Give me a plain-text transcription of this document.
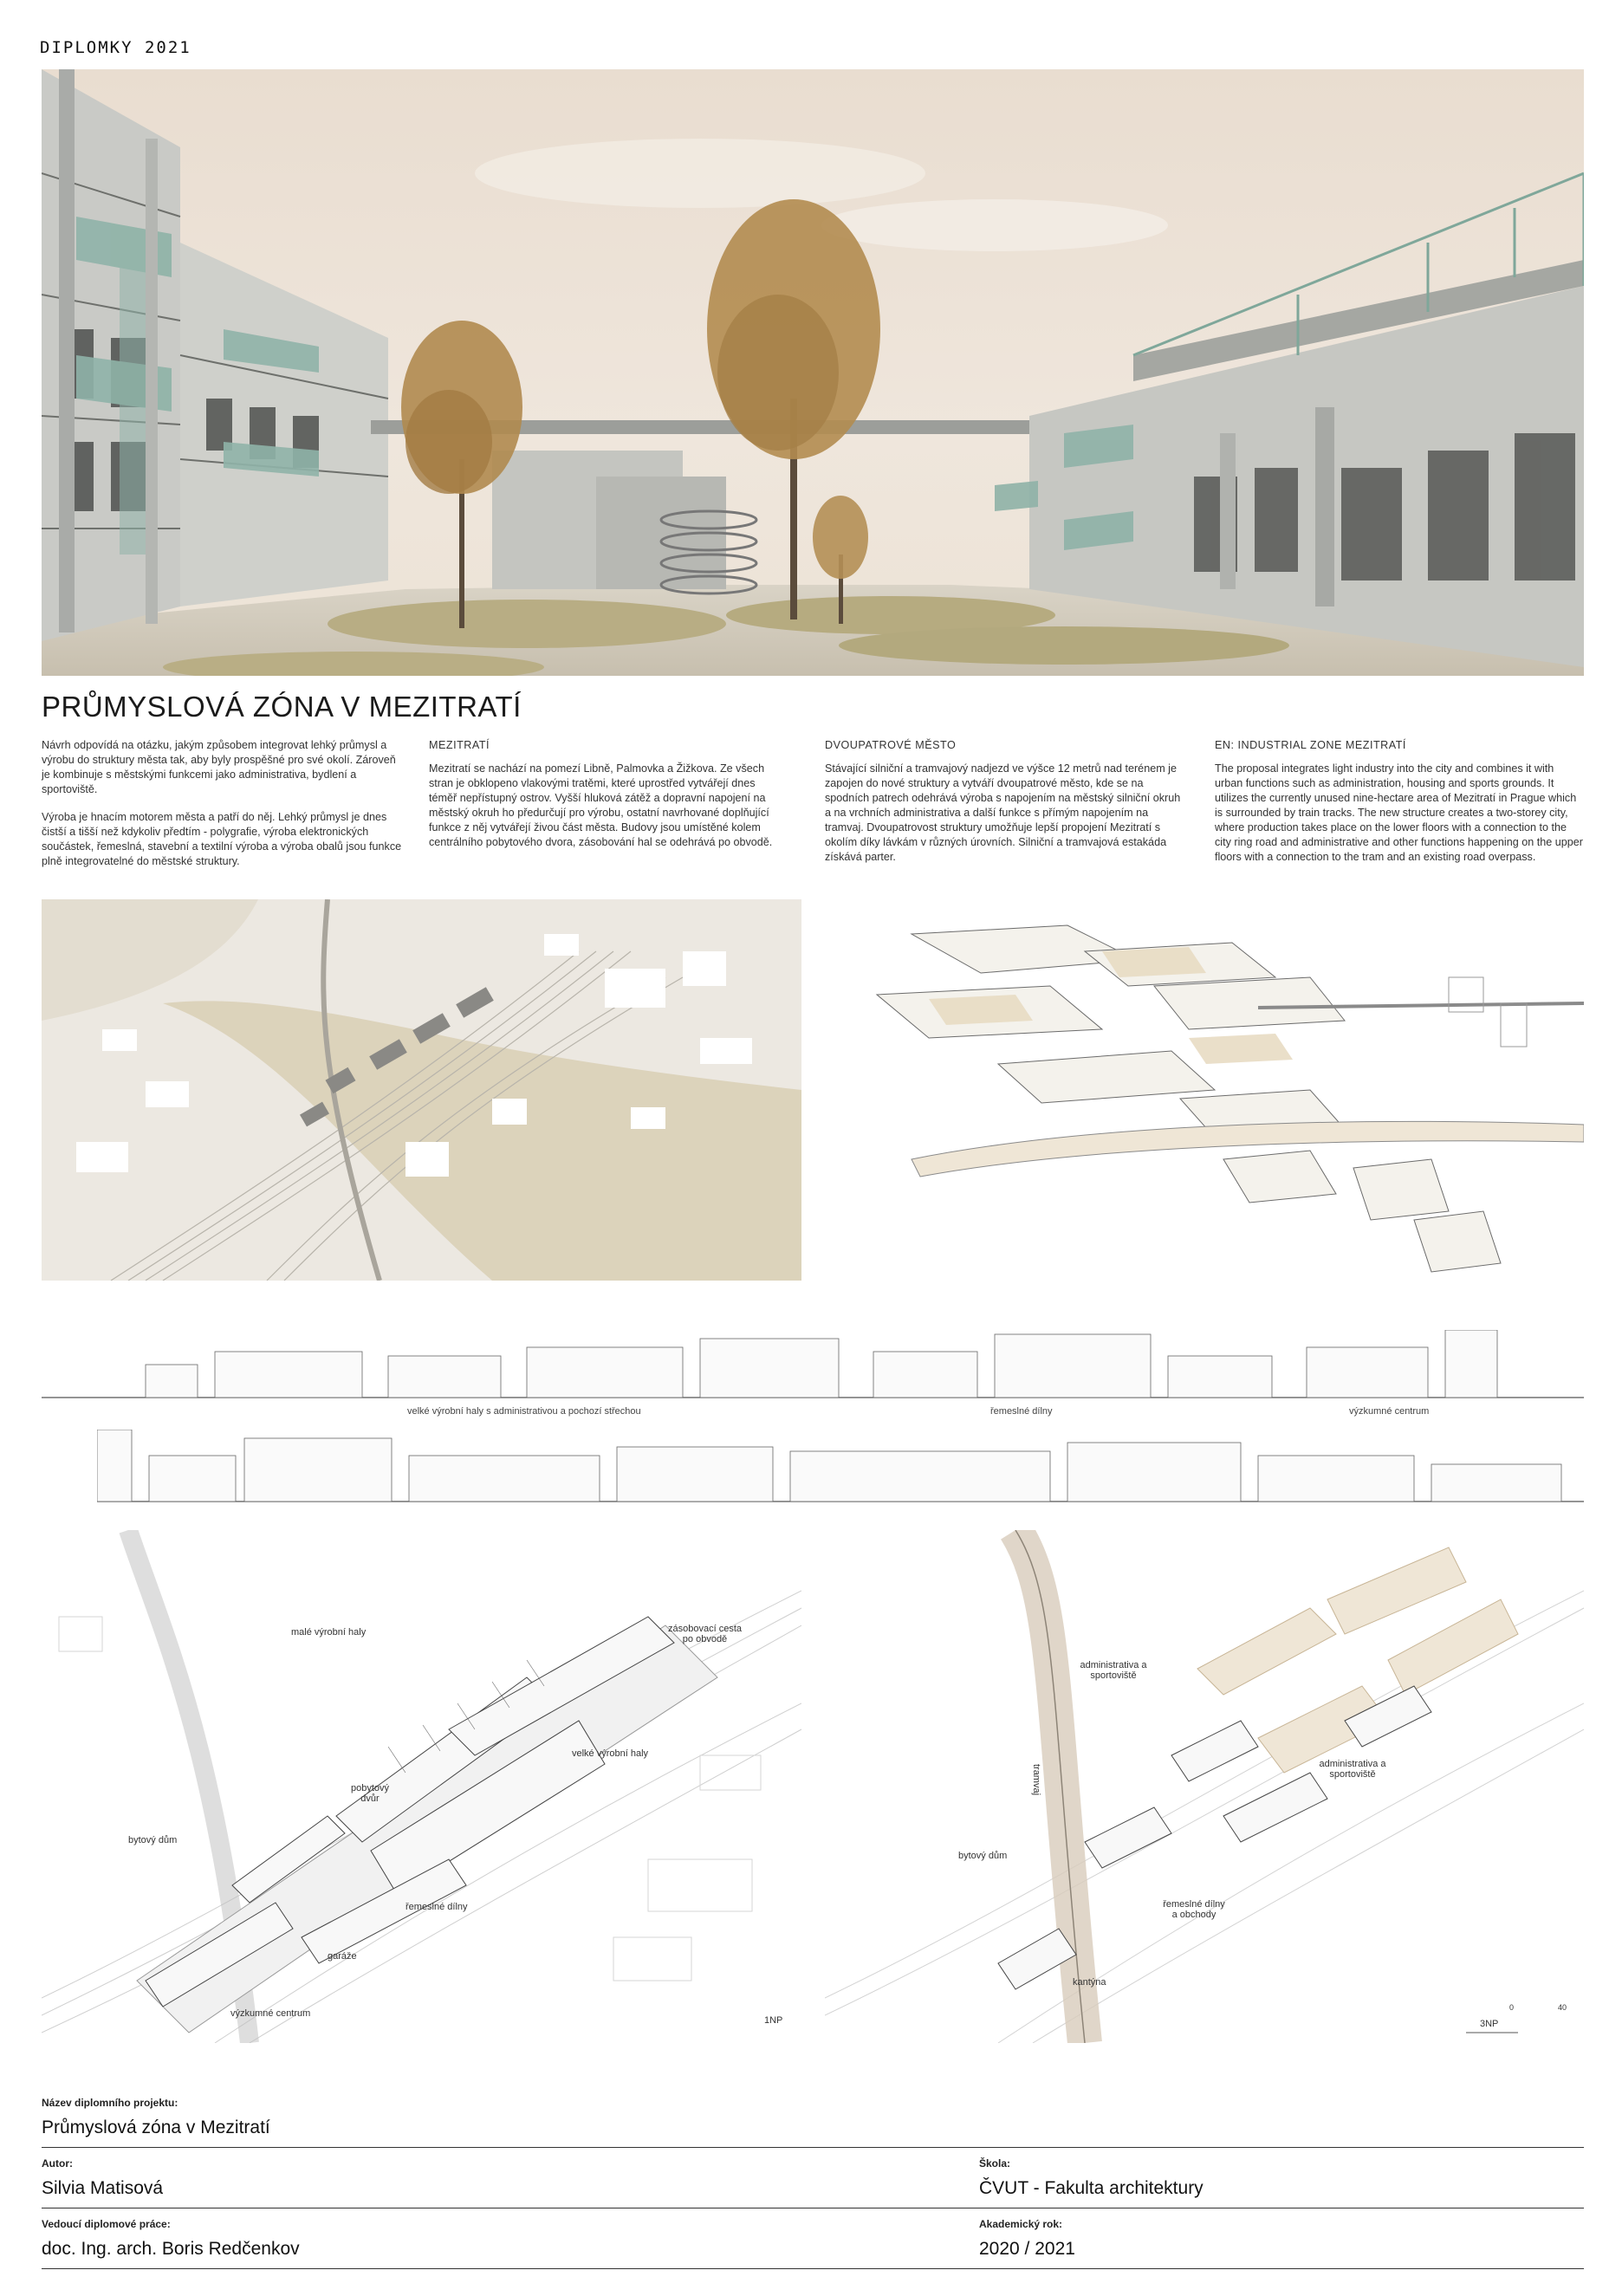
DIPLOMKY 2021
PRŮMYSLOVÁ ZÓNA V MEZITRATÍ

Návrh odpovídá na otázku, jakým způsobem integrovat lehký průmysl a výrobu do struktury města tak, aby byly prospěšné pro své okolí. Zároveň je kombinuje s městskými funkcemi jako administrativa, bydlení a sportoviště.

Výroba je hnacím motorem města a patří do něj. Lehký průmysl je dnes čistší a tišší než kdykoliv předtím - polygrafie, výroba elektronických součástek, řemeslná, stavební a textilní výroba a výroba obalů jsou funkce plně integrovatelné do městské struktury.

MEZITRATÍ

Mezitratí se nachází na pomezí Libně, Palmovka a Žižkova. Ze všech stran je obklopeno vlakovými tratěmi, které uprostřed vytvářejí dnes téměř nepřístupný ostrov. Vyšší hluková zátěž a dopravní napojení na městský okruh ho předurčují pro výrobu, ostatní navrhované doplňující funkce z něj vytvářejí živou část města. Budovy jsou umístěné kolem centrálního pobytového dvora, zásobování hal se odehrává po obvodě.

DVOUPATROVÉ MĚSTO

Stávající silniční a tramvajový nadjezd ve výšce 12 metrů nad terénem je zapojen do nové struktury a vytváří dvoupatrové město, kde se na spodních patrech odehrává výroba s napojením na městský silniční okruh a na vrchních administrativa a další funkce s přímým napojením na tramvaj. Dvoupatrovost struktury umožňuje lepší propojení Mezitratí s okolím díky lávkám v různých úrovních. Silniční a tramvajová estakáda získává parter.

EN: INDUSTRIAL ZONE MEZITRATÍ

The proposal integrates light industry into the city and combines it with urban functions such as administration, housing and sports grounds. It utilizes the currently unused nine-hectare area of Mezitratí in Prague which is surrounded by train tracks. The new structure creates a two-storey city, where production takes place on the lower floors with a connection to the city ring road and administrative and other functions happening on the upper floors with a connection to the tram and an existing road overpass.

velké výrobní haly s administrativou a pochozí střechou	řemeslné dílny	výzkumné centrum
malé výrobní haly	zásobovací cesta po obvodě
velké výrobní haly
pobytový dvůr
bytový dům
řemeslné dílny
garáže
výzkumné centrum
1NP
administrativa a sportoviště
administrativa a sportoviště
bytový dům
řemeslné dílny a obchody
kantýna
tramvaj
3NP
0	40
Název diplomního projektu:
Průmyslová zóna v Mezitratí
Autor:
Silvia Matisová
Škola:
ČVUT - Fakulta architektury
Vedoucí diplomové práce:
doc. Ing. arch. Boris Redčenkov
Akademický rok:
2020 / 2021
